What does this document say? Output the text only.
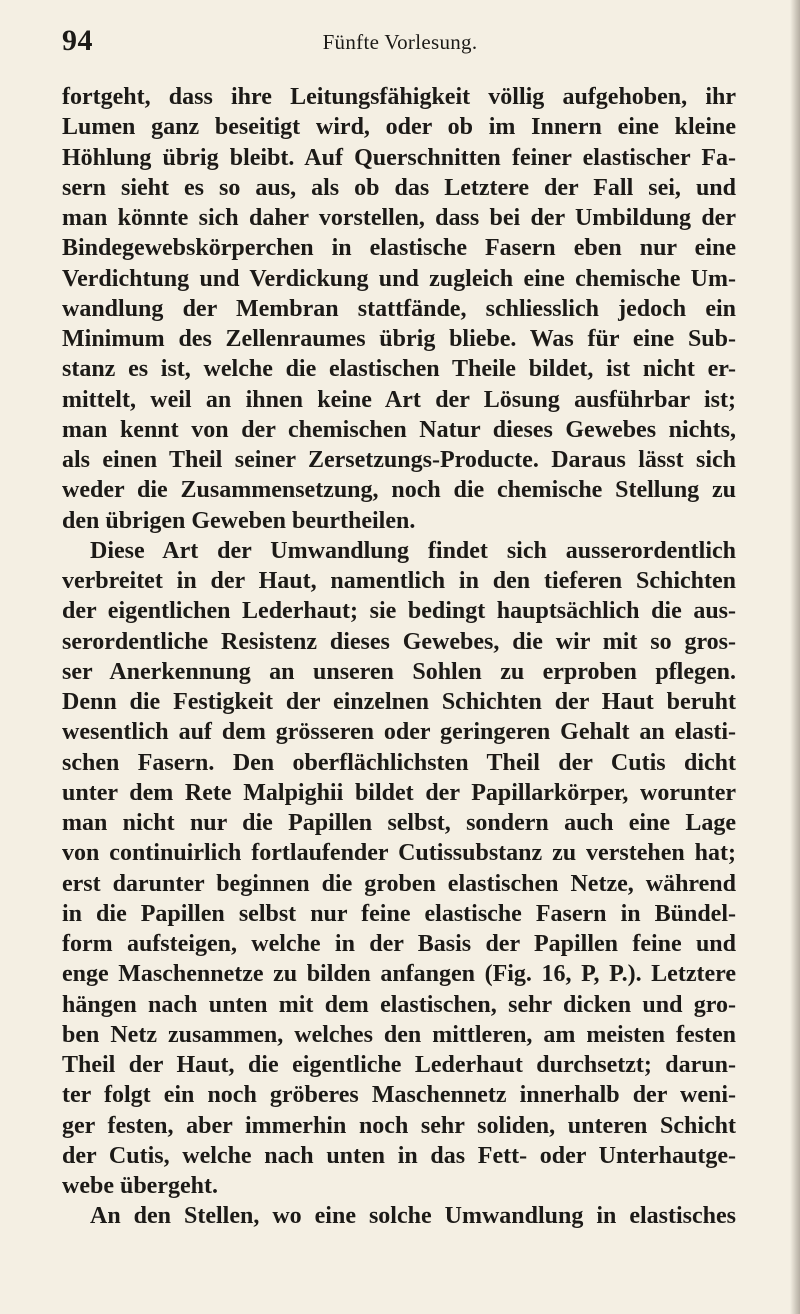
94	Fünfte Vorlesung.
fortgeht, dass ihre Leitungsfähigkeit völlig aufgehoben, ihr
Lumen ganz beseitigt wird, oder ob im Innern eine kleine
Höhlung übrig bleibt. Auf Querschnitten feiner elastischer Fa-
sern sieht es so aus, als ob das Letztere der Fall sei, und
man könnte sich daher vorstellen, dass bei der Umbildung der
Bindegewebskörperchen in elastische Fasern eben nur eine
Verdichtung und Verdickung und zugleich eine chemische Um-
wandlung der Membran stattfände, schliesslich jedoch ein
Minimum des Zellenraumes übrig bliebe. Was für eine Sub-
stanz es ist, welche die elastischen Theile bildet, ist nicht er-
mittelt, weil an ihnen keine Art der Lösung ausführbar ist;
man kennt von der chemischen Natur dieses Gewebes nichts,
als einen Theil seiner Zersetzungs-Producte. Daraus lässt sich
weder die Zusammensetzung, noch die chemische Stellung zu
den übrigen Geweben beurtheilen.
Diese Art der Umwandlung findet sich ausserordentlich
verbreitet in der Haut, namentlich in den tieferen Schichten
der eigentlichen Lederhaut; sie bedingt hauptsächlich die aus-
serordentliche Resistenz dieses Gewebes, die wir mit so gros-
ser Anerkennung an unseren Sohlen zu erproben pflegen.
Denn die Festigkeit der einzelnen Schichten der Haut beruht
wesentlich auf dem grösseren oder geringeren Gehalt an elasti-
schen Fasern. Den oberflächlichsten Theil der Cutis dicht
unter dem Rete Malpighii bildet der Papillarkörper, worunter
man nicht nur die Papillen selbst, sondern auch eine Lage
von continuirlich fortlaufender Cutissubstanz zu verstehen hat;
erst darunter beginnen die groben elastischen Netze, während
in die Papillen selbst nur feine elastische Fasern in Bündel-
form aufsteigen, welche in der Basis der Papillen feine und
enge Maschennetze zu bilden anfangen (Fig. 16, P, P.). Letztere
hängen nach unten mit dem elastischen, sehr dicken und gro-
ben Netz zusammen, welches den mittleren, am meisten festen
Theil der Haut, die eigentliche Lederhaut durchsetzt; darun-
ter folgt ein noch gröberes Maschennetz innerhalb der weni-
ger festen, aber immerhin noch sehr soliden, unteren Schicht
der Cutis, welche nach unten in das Fett- oder Unterhautge-
webe übergeht.
An den Stellen, wo eine solche Umwandlung in elastisches
